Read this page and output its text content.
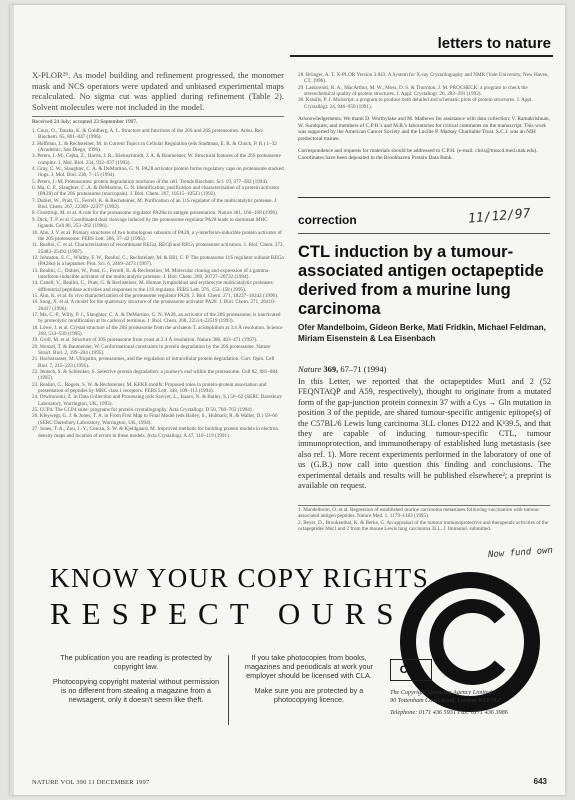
letters to nature

X-PLOR²⁶. As model building and refinement progressed, the monomer mask and NCS operators were updated and unbiased experimental maps recalculated. No sigma cut was applied during refinement (Table 2). Solvent molecules were not included in the model.

Received 24 July; accepted 23 September 1997.
1. Coux, O., Tanaka, K. & Goldberg, A. L. Structure and functions of the 20S and 26S proteasomes. Annu. Rev. Biochem. 65, 801–847 (1996).
2. Hoffman, L. & Rechsteiner, M. in Current Topics in Cellular Regulation (eds Stadtman, E. R. & Chock, P. B.) 1–32 (Academic, San Diego, 1996).
3. Peters, J.-M., Cejka, Z., Harris, J. R., Kleinschmidt, J. A. & Baumeister, W. Structural features of the 26S proteasome complex. J. Mol. Biol. 234, 932–937 (1993).
4. Gray, C. W., Slaughter, C. A. & DeMartino, G. N. PA28 activator protein forms regulatory caps on proteasome stacked rings. J. Mol. Biol. 236, 7–15 (1994).
5. Peters, J.-M. Proteasomes: protein degradation machines of the cell. Trends Biochem. Sci. 19, 377–382 (1994).
6. Ma, C. P., Slaughter, C. A. & DeMartino, G. N. Identification, purification and characterization of a protein activator (PA28) of the 20S proteasome (macropain). J. Biol. Chem. 267, 10515–10523 (1992).
7. Dubiel, W., Pratt, G., Ferrell, K. & Rechsteiner, M. Purification of an 11S regulator of the multicatalytic protease. J. Biol. Chem. 267, 22369–22377 (1992).
8. Groettrup, M. et al. A role for the proteasome regulator PA28α in antigen presentation. Nature 381, 166–168 (1996).
9. Dick, T. P. et al. Coordinated dual cleavage induced by the proteasome regulator PA28 leads to dominant MHC ligands. Cell 86, 253–262 (1996).
10. Ahn, J. Y. et al. Primary structures of two homologous subunits of PA28, a γ-interferon-inducible protein activator of the 20S proteasome. FEBS Lett. 366, 37–42 (1995).
11. Realini, C. et al. Characterization of recombinant REGα, REGβ and REGγ proteasome activators. J. Biol. Chem. 272, 25483–25492 (1997).
12. Johnston, S. C., Whitby, F. W., Realini, C., Rechsteiner, M. & Hill, C. P. The proteasome 11S regulator subunit REGα (PA28α) is a heptamer. Prot. Sci. 6, 2469–2473 (1997).
13. Realini, C., Dubiel, W., Pratt, G., Ferrell, K. & Rechsteiner, M. Molecular cloning and expression of a gamma-interferon-inducible activator of the multicatalytic protease. J. Biol. Chem. 269, 20727–20732 (1994).
14. Cattell, V., Realini, C., Pratt, G. & Rechsteiner, M. Human lymphoblast and erythrocyte multicatalytic proteases: differential peptidase activities and responses to the 11S regulator. FEBS Lett. 376, 153–158 (1995).
15. Ahn, K. et al. In vivo characterization of the proteasome regulator PA28. J. Biol. Chem. 271, 18237–18242 (1996).
16. Song, X. et al. A model for the quaternary structure of the proteasome activator PA28. J. Biol. Chem. 271, 26410–26417 (1996).
17. Ma, C.-P., Willy, P. J., Slaughter, C. A. & DeMartino, G. N. PA28, an activator of the 20S proteasome, is inactivated by proteolytic modification at its carboxyl terminus. J. Biol. Chem. 268, 22514–22519 (1993).
18. Löwe, J. et al. Crystal structure of the 20S proteasome from the archaeon T. acidophilum at 3.4 Å resolution. Science 268, 533–539 (1995).
19. Groll, M. et al. Structure of 20S proteasome from yeast at 2.4 Å resolution. Nature 386, 463–471 (1997).
20. Wenzel, T. & Baumeister, W. Conformational constraints in protein degradation by the 20S proteasome. Nature Struct. Biol. 2, 199–204 (1995).
21. Hochstrasser, M. Ubiquitin, proteasomes, and the regulation of intracellular protein degradation. Curr. Opin. Cell Biol. 7, 215–223 (1995).
22. Jentsch, S. & Schlenker, S. Selective protein degradation: a journey's end within the proteasome. Cell 82, 881–884 (1995).
23. Realini, C., Rogers, S. W. & Rechsteiner, M. KEKE motifs: Proposed roles in protein-protein association and presentation of peptides by MHC class I receptors. FEBS Lett. 348, 109–113 (1994).
24. Otwinowski, Z. in Data Collection and Processing (eds Sawyer, L., Isaacs, N. & Bailey, S.) 56–62 (SERC Daresbury Laboratory, Warrington, UK, 1993).
25. CCP4. The CCP4 suite: programs for protein crystallography. Acta Crystallogr. D 50, 760–763 (1994).
26. Kleywegt, G. J. & Jones, T. A. in From First Map to Final Model (eds Bailey, S., Hubbard, R. & Waller, D.) 59–66 (SERC Daresbury Laboratory, Warrington, UK, 1994).
27. Jones, T. A., Zou, J.-Y., Cowan, S. W. & Kjeldgaard, M. Improved methods for building protein models in electron density maps and location of errors in these models. Acta Crystallogr. A 47, 110–119 (1991).
28. Brünger, A. T. X-PLOR Version 3.843: A System for X-ray Crystallography and NMR (Yale University, New Haven, CT, 1996).
29. Laskowski, R. A., MacArthur, M. W., Moss, D. S. & Thornton, J. M. PROCHECK: a program to check the stereochemical quality of protein structures. J. Appl. Crystallogr. 26, 283–291 (1993).
30. Kraulis, P. J. Molscript: a program to produce both detailed and schematic plots of protein structures. J. Appl. Crystallogr. 24, 946–950 (1991).

Acknowledgements. We thank D. Worthylake and M. Mathews for assistance with data collection; V. Ramakrishnan, W. Sundquist, and members of C.P.H.'s and M.R.'s laboratories for critical comments on the manuscript. This work was supported by the American Cancer Society and the Lucille P. Markey Charitable Trust. S.C.J. was an NIH predoctoral trainee.

Correspondence and requests for materials should be addressed to C.P.H. (e-mail: chris@msscd.med.utah.edu). Coordinates have been deposited in the Brookhaven Protein Data Bank.

correction	11/12/97
CTL induction by a tumour-associated antigen octapeptide derived from a murine lung carcinoma

Ofer Mandelboim, Gideon Berke, Mati Fridkin, Michael Feldman, Miriam Eisenstein & Lea Eisenbach

Nature 369, 67–71 (1994)

In this Letter, we reported that the octapeptides Mut1 and 2 (52 FEQNTAQP and A59, respectively), thought to originate from a mutated form of the gap-junction protein connexin 37 with a Cys → Gln mutation in position 3 of the peptide, are shared tumour-specific antigenic epitope(s) of the C57BL/6 Lewis lung carcinoma 3LL clones D122 and Kᵇ39.5, and that they are capable of inducing tumour-specific CTL, tumour immunoprotection, and immunotherapy of established lung metastasis (see also ref. 1). More recent experiments performed in the laboratory of one of us (G.B.) now call into question this finding and conclusions. The experimental details and results will be published elsewhere²; a preprint is available on request.

1. Mandelboim, O. et al. Regression of established murine carcinoma metastases following vaccination with tumour-associated antigen peptides. Nature Med. 1, 1179–1183 (1995).
2. Beyer, D., Brookenthal, K. & Berke, G. An appraisal of the tumour immunoprotective and therapeutic activities of the octapeptides Mut1 and 2 from the mouse Lewis lung carcinoma 3LL. J. Immunol. submitted.
Now fund own
KNOW YOUR COPY RIGHTS
RESPECT OURS

The publication you are reading is protected by copyright law.

Photocopying copyright material without permission is no different from stealing a magazine from a newsagent, only it doesn't seem like theft.

If you take photocopies from books, magazines and periodicals at work your employer should be licensed with CLA.

Make sure you are protected by a photocopying licence.

CLA
The Copyright Licensing Agency Limited
90 Tottenham Court Road, London W1P 0LP
Telephone: 0171 436 5931 Fax: 0171 436 3986
NATURE VOL 390 11 DECEMBER 1997	643
